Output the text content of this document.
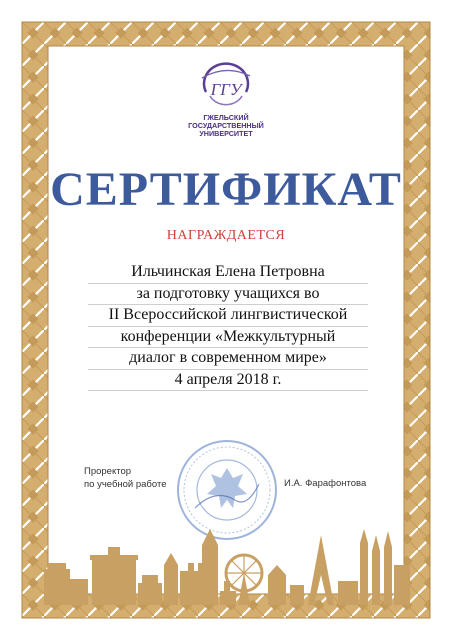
ГГУ
ГЖЕЛЬСКИЙ
ГОСУДАРСТВЕННЫЙ
УНИВЕРСИТЕТ
СЕРТИФИКАТ
НАГРАЖДАЕТСЯ
Ильчинская Елена Петровна
за подготовку учащихся во
II Всероссийской лингвистической
конференции «Межкультурный
диалог в современном мире»
4 апреля 2018 г.
Проректор
по учебной работе	И.А. Фарафонтова
